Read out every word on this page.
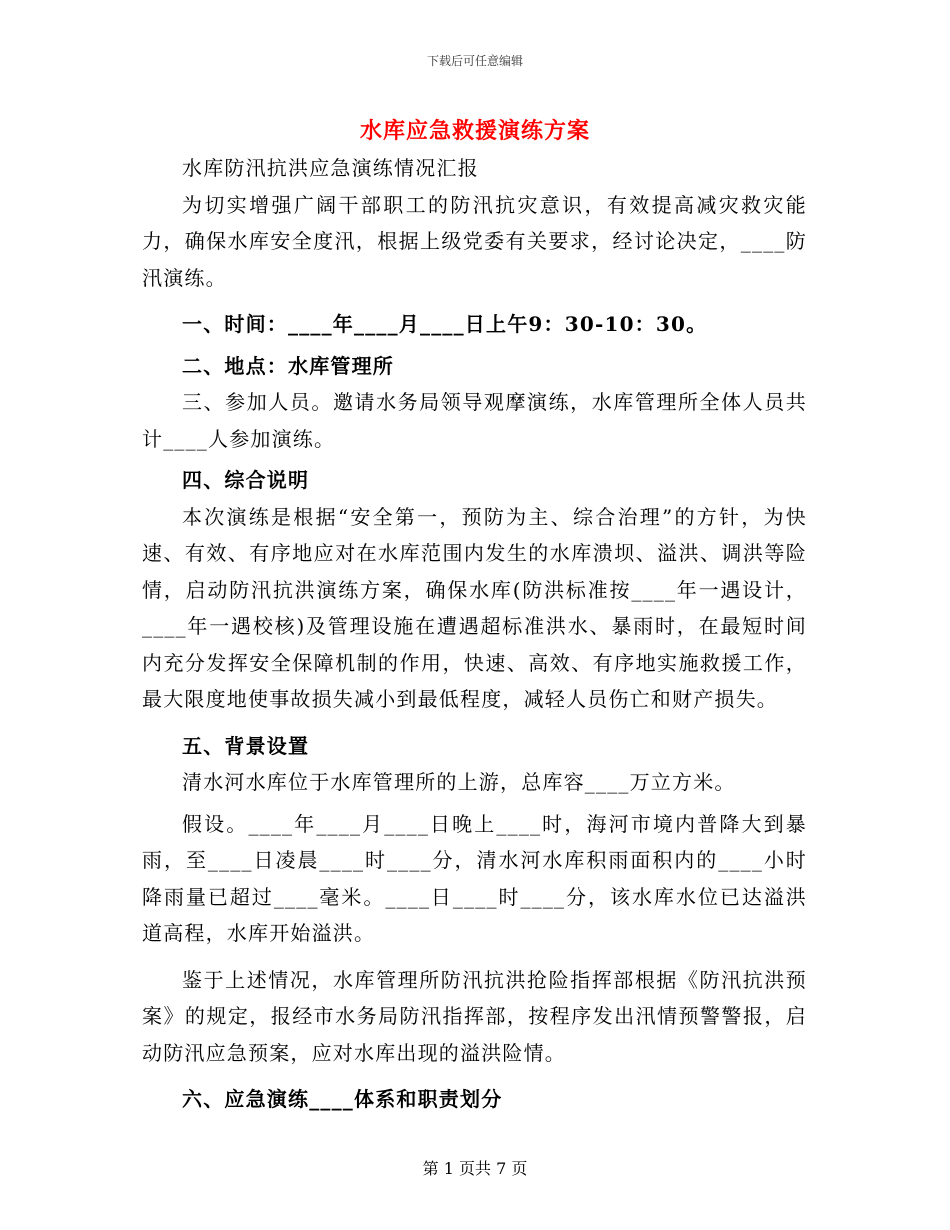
下载后可任意编辑
水库应急救援演练方案

水库防汛抗洪应急演练情况汇报

为切实增强广阔干部职工的防汛抗灾意识，有效提高减灾救灾能力，确保水库安全度汛，根据上级党委有关要求，经讨论决定，____防汛演练。

一、时间：____年____月____日上午9：30-10：30。

二、地点：水库管理所

三、参加人员。邀请水务局领导观摩演练，水库管理所全体人员共计____人参加演练。

四、综合说明

本次演练是根据“安全第一，预防为主、综合治理”的方针，为快速、有效、有序地应对在水库范围内发生的水库溃坝、溢洪、调洪等险情，启动防汛抗洪演练方案，确保水库(防洪标准按____年一遇设计，____年一遇校核)及管理设施在遭遇超标准洪水、暴雨时，在最短时间内充分发挥安全保障机制的作用，快速、高效、有序地实施救援工作，最大限度地使事故损失减小到最低程度，减轻人员伤亡和财产损失。

五、背景设置

清水河水库位于水库管理所的上游，总库容____万立方米。

假设。____年____月____日晚上____时，海河市境内普降大到暴雨，至____日凌晨____时____分，清水河水库积雨面积内的____小时降雨量已超过____毫米。____日____时____分，该水库水位已达溢洪道高程，水库开始溢洪。

鉴于上述情况，水库管理所防汛抗洪抢险指挥部根据《防汛抗洪预案》的规定，报经市水务局防汛指挥部，按程序发出汛情预警警报，启动防汛应急预案，应对水库出现的溢洪险情。

六、应急演练____体系和职责划分

第 1 页共 7 页
